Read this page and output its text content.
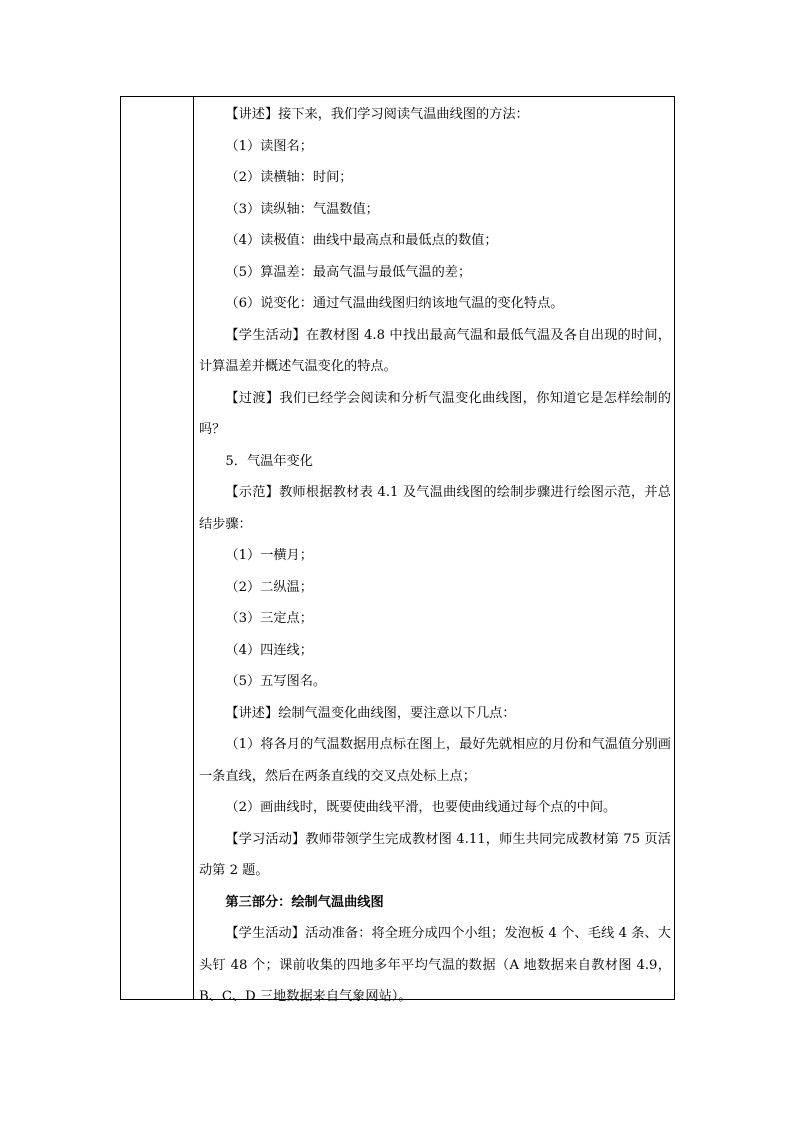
【讲述】接下来，我们学习阅读气温曲线图的方法：

（1）读图名；

（2）读横轴：时间；

（3）读纵轴：气温数值；

（4）读极值：曲线中最高点和最低点的数值；

（5）算温差：最高气温与最低气温的差；

（6）说变化：通过气温曲线图归纳该地气温的变化特点。

【学生活动】在教材图 4.8 中找出最高气温和最低气温及各自出现的时间，计算温差并概述气温变化的特点。

【过渡】我们已经学会阅读和分析气温变化曲线图，你知道它是怎样绘制的吗？

5．气温年变化

【示范】教师根据教材表 4.1 及气温曲线图的绘制步骤进行绘图示范，并总结步骤：

（1）一横月；

（2）二纵温；

（3）三定点；

（4）四连线；

（5）五写图名。

【讲述】绘制气温变化曲线图，要注意以下几点：

（1）将各月的气温数据用点标在图上，最好先就相应的月份和气温值分别画一条直线，然后在两条直线的交叉点处标上点；

（2）画曲线时，既要使曲线平滑，也要使曲线通过每个点的中间。

【学习活动】教师带领学生完成教材图 4.11，师生共同完成教材第 75 页活动第 2 题。

第三部分：绘制气温曲线图

【学生活动】活动准备：将全班分成四个小组；发泡板 4 个、毛线 4 条、大头钉 48 个；课前收集的四地多年平均气温的数据（A 地数据来自教材图 4.9，B、C、D 三地数据来自气象网站）。
